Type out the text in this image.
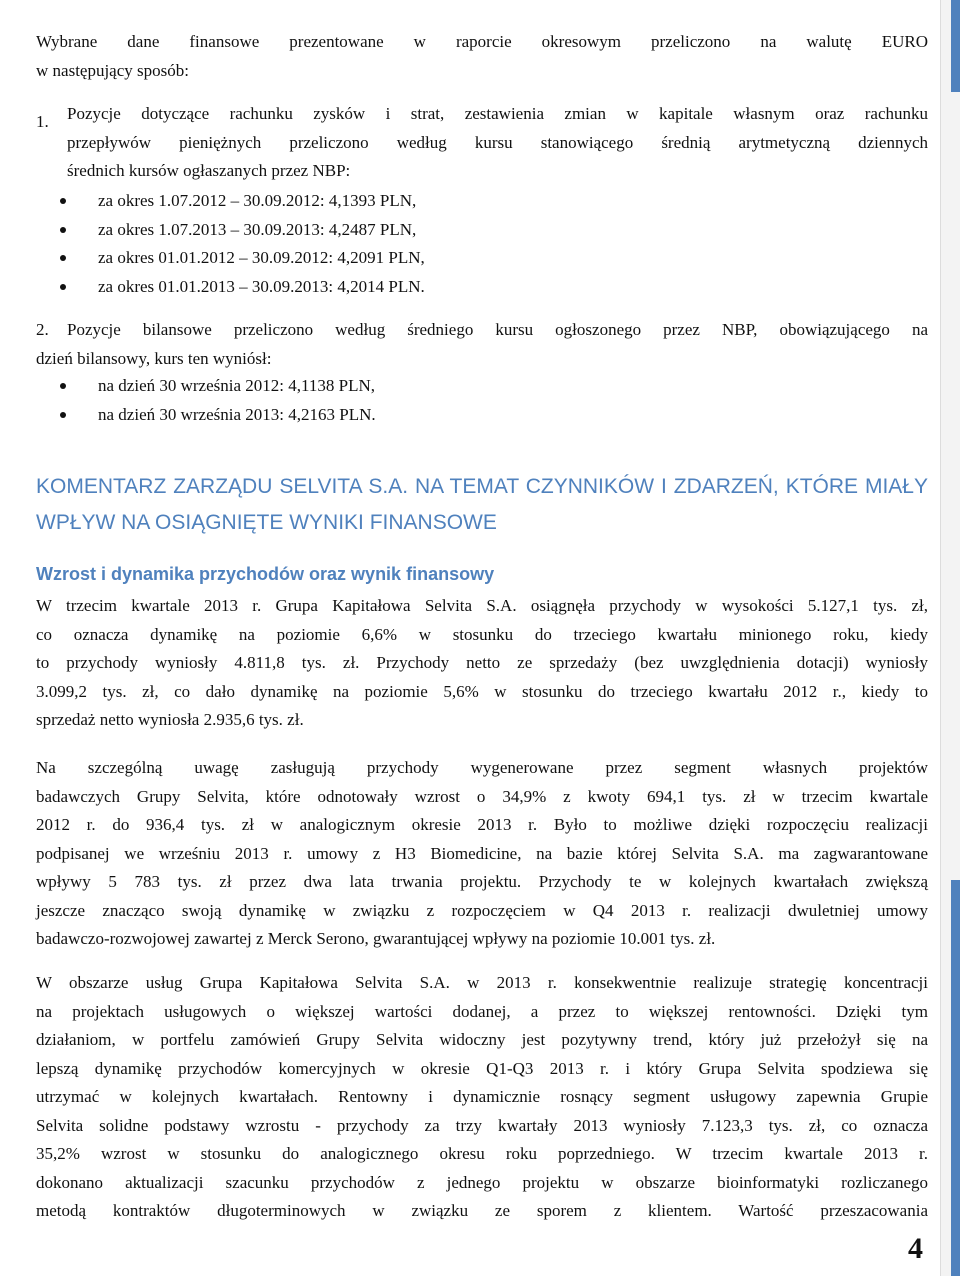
Wybrane dane finansowe prezentowane w raporcie okresowym przeliczono na walutę EURO
w następujący sposób:
1. Pozycje dotyczące rachunku zysków i strat, zestawienia zmian w kapitale własnym oraz rachunku
przepływów pieniężnych przeliczono według kursu stanowiącego średnią arytmetyczną dziennych
średnich kursów ogłaszanych przez NBP:
za okres 1.07.2012 – 30.09.2012: 4,1393 PLN,
za okres 1.07.2013 – 30.09.2013: 4,2487 PLN,
za okres 01.01.2012 – 30.09.2012: 4,2091 PLN,
za okres 01.01.2013 – 30.09.2013: 4,2014 PLN.
2.	Pozycje bilansowe przeliczono według średniego kursu ogłoszonego przez NBP, obowiązującego na
dzień bilansowy, kurs ten wyniósł:
na dzień 30 września 2012: 4,1138 PLN,
na dzień 30 września 2013: 4,2163 PLN.
KOMENTARZ ZARZĄDU SELVITA S.A. NA TEMAT CZYNNIKÓW I ZDARZEŃ, KTÓRE MIAŁY
WPŁYW NA OSIĄGNIĘTE WYNIKI FINANSOWE
Wzrost i dynamika przychodów oraz wynik finansowy
W trzecim kwartale 2013 r. Grupa Kapitałowa Selvita S.A. osiągnęła przychody w wysokości 5.127,1 tys. zł,
co oznacza dynamikę na poziomie 6,6% w stosunku do trzeciego kwartału minionego roku, kiedy
to przychody wyniosły 4.811,8 tys. zł. Przychody netto ze sprzedaży (bez uwzględnienia dotacji) wyniosły
3.099,2 tys. zł, co dało dynamikę na poziomie 5,6% w stosunku do trzeciego kwartału 2012 r., kiedy to
sprzedaż netto wyniosła 2.935,6 tys. zł.
Na szczególną uwagę zasługują przychody wygenerowane przez segment własnych projektów
badawczych Grupy Selvita, które odnotowały wzrost o 34,9% z kwoty 694,1 tys. zł w trzecim kwartale
2012 r. do 936,4 tys. zł w analogicznym okresie 2013 r. Było to możliwe dzięki rozpoczęciu realizacji
podpisanej we wrześniu 2013 r. umowy z H3 Biomedicine, na bazie której Selvita S.A. ma zagwarantowane
wpływy 5 783 tys. zł przez dwa lata trwania projektu. Przychody te w kolejnych kwartałach zwiększą
jeszcze znacząco swoją dynamikę w związku z rozpoczęciem w Q4 2013 r. realizacji dwuletniej umowy
badawczo-rozwojowej zawartej z Merck Serono, gwarantującej wpływy na poziomie 10.001 tys. zł.
W obszarze usług Grupa Kapitałowa Selvita S.A. w 2013 r. konsekwentnie realizuje strategię koncentracji
na projektach usługowych o większej wartości dodanej, a przez to większej rentowności. Dzięki tym
działaniom, w portfelu zamówień Grupy Selvita widoczny jest pozytywny trend, który już przełożył się na
lepszą dynamikę przychodów komercyjnych w okresie Q1-Q3 2013 r. i który Grupa Selvita spodziewa się
utrzymać w kolejnych kwartałach. Rentowny i dynamicznie rosnący segment usługowy zapewnia Grupie
Selvita solidne podstawy wzrostu - przychody za trzy kwartały 2013 wyniosły 7.123,3 tys. zł, co oznacza
35,2% wzrost w stosunku do analogicznego okresu roku poprzedniego. W trzecim kwartale 2013 r.
dokonano aktualizacji szacunku przychodów z jednego projektu w obszarze bioinformatyki rozliczanego
metodą kontraktów długoterminowych w związku ze sporem z klientem. Wartość przeszacowania
4
